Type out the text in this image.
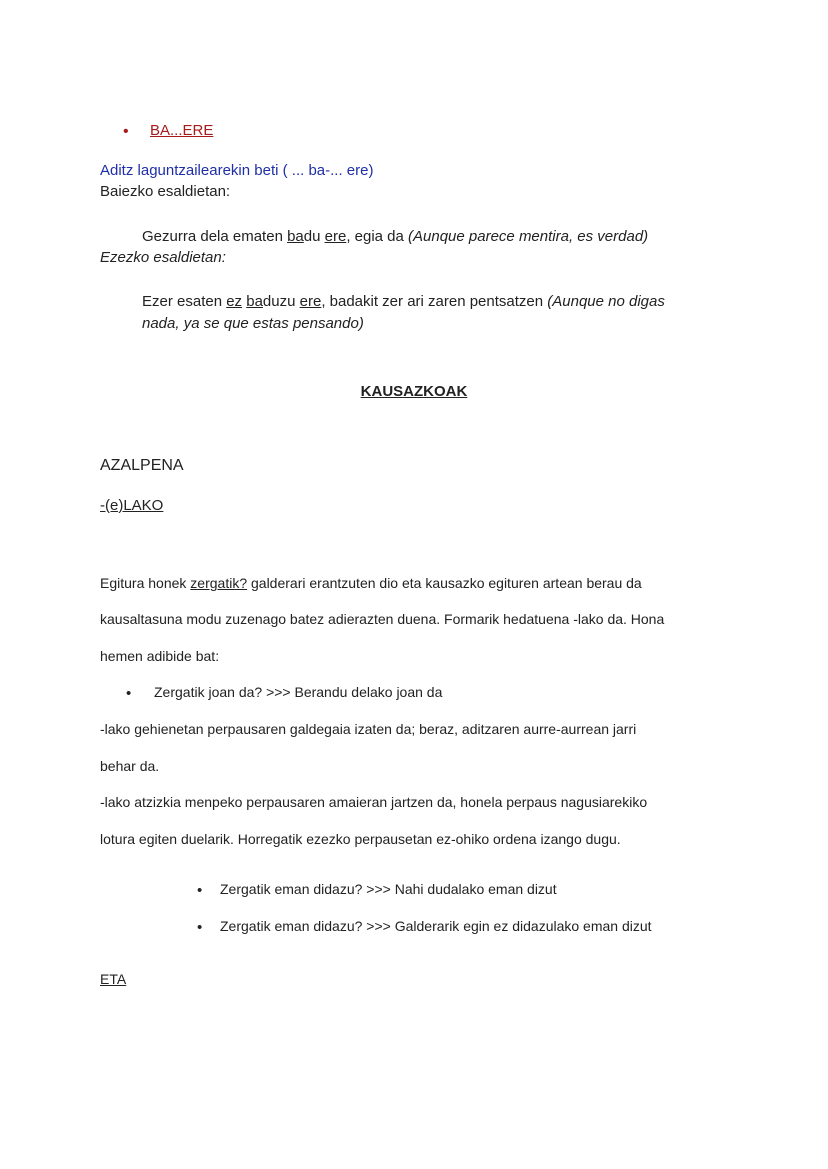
• BA...ERE
Aditz laguntzailearekin beti ( ... ba-... ere)
Baiezko esaldietan:
Gezurra dela ematen badu ere, egia da (Aunque parece mentira, es verdad)
Ezezko esaldietan:
Ezer esaten ez baduzu ere, badakit zer ari zaren pentsatzen (Aunque no digas
nada, ya se que estas pensando)
KAUSAZKOAK
AZALPENA
-(e)LAKO
Egitura honek zergatik? galderari erantzuten dio eta kausazko egituren artean berau da
kausaltasuna modu zuzenago batez adierazten duena. Formarik hedatuena -lako da. Hona
hemen adibide bat:
• Zergatik joan da? >>> Berandu delako joan da
-lako gehienetan perpausaren galdegaia izaten da; beraz, aditzaren aurre-aurrean jarri
behar da.
-lako atzizkia menpeko perpausaren amaieran jartzen da, honela perpaus nagusiarekiko
lotura egiten duelarik. Horregatik ezezko perpausetan ez-ohiko ordena izango dugu.
• Zergatik eman didazu? >>> Nahi dudalako eman dizut
• Zergatik eman didazu? >>> Galderarik egin ez didazulako eman dizut
ETA
